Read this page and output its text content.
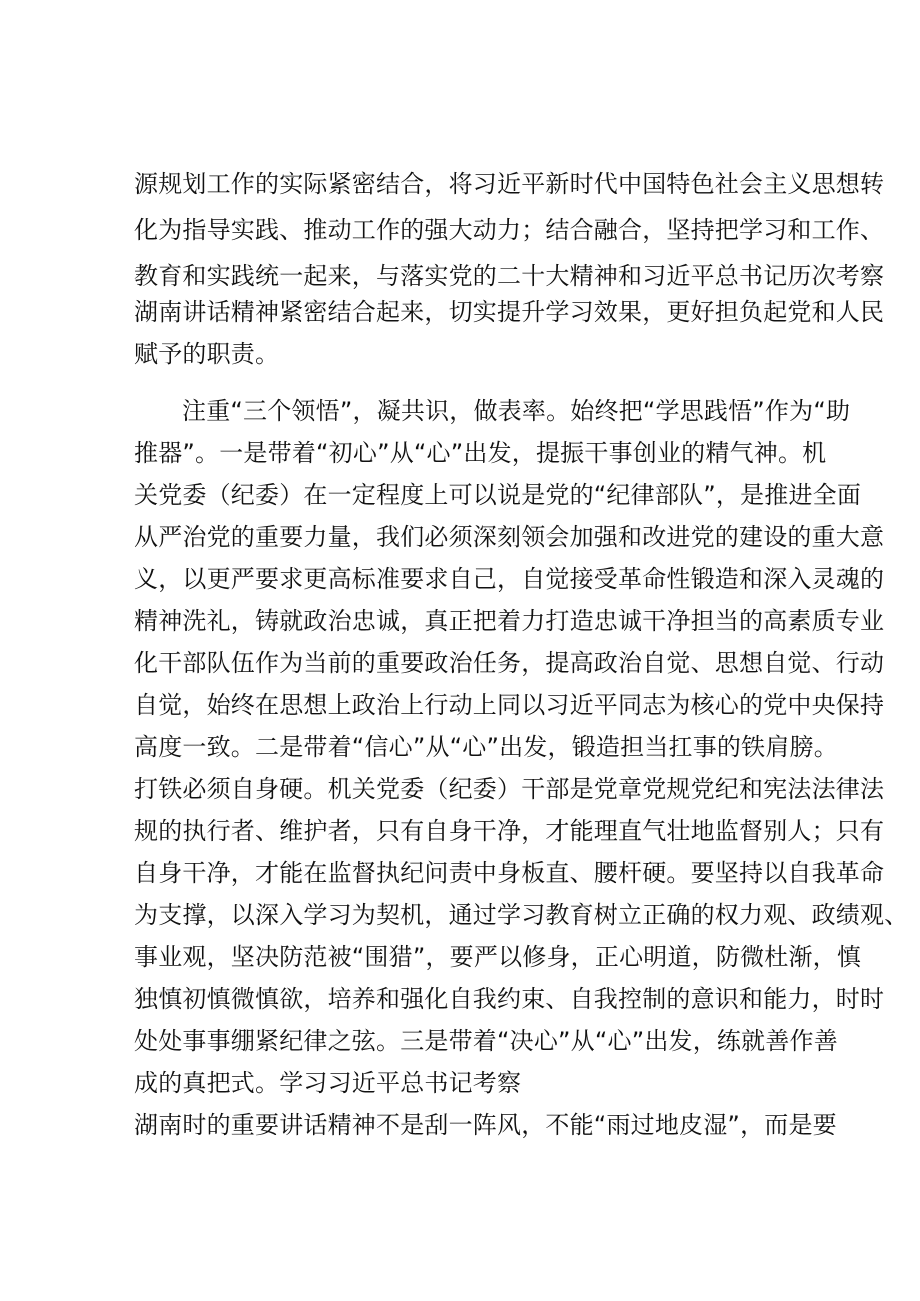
源规划工作的实际紧密结合，将习近平新时代中国特色社会主义思想转
化为指导实践、推动工作的强大动力；结合融合，坚持把学习和工作、
教育和实践统一起来，与落实党的二十大精神和习近平总书记历次考察
湖南讲话精神紧密结合起来，切实提升学习效果，更好担负起党和人民
赋予的职责。
注重“三个领悟”，凝共识，做表率。始终把“学思践悟”作为“助
推器”。一是带着“初心”从“心”出发，提振干事创业的精气神。机
关党委（纪委）在一定程度上可以说是党的“纪律部队”，是推进全面
从严治党的重要力量，我们必须深刻领会加强和改进党的建设的重大意
义，以更严要求更高标准要求自己，自觉接受革命性锻造和深入灵魂的
精神洗礼，铸就政治忠诚，真正把着力打造忠诚干净担当的高素质专业
化干部队伍作为当前的重要政治任务，提高政治自觉、思想自觉、行动
自觉，始终在思想上政治上行动上同以习近平同志为核心的党中央保持
高度一致。二是带着“信心”从“心”出发，锻造担当扛事的铁肩膀。
打铁必须自身硬。机关党委（纪委）干部是党章党规党纪和宪法法律法
规的执行者、维护者，只有自身干净，才能理直气壮地监督别人；只有
自身干净，才能在监督执纪问责中身板直、腰杆硬。要坚持以自我革命
为支撑，以深入学习为契机，通过学习教育树立正确的权力观、政绩观、
事业观，坚决防范被“围猎”，要严以修身，正心明道，防微杜渐，慎
独慎初慎微慎欲，培养和强化自我约束、自我控制的意识和能力，时时
处处事事绷紧纪律之弦。三是带着“决心”从“心”出发，练就善作善
成的真把式。学习习近平总书记考察
湖南时的重要讲话精神不是刮一阵风，不能“雨过地皮湿”，而是要
